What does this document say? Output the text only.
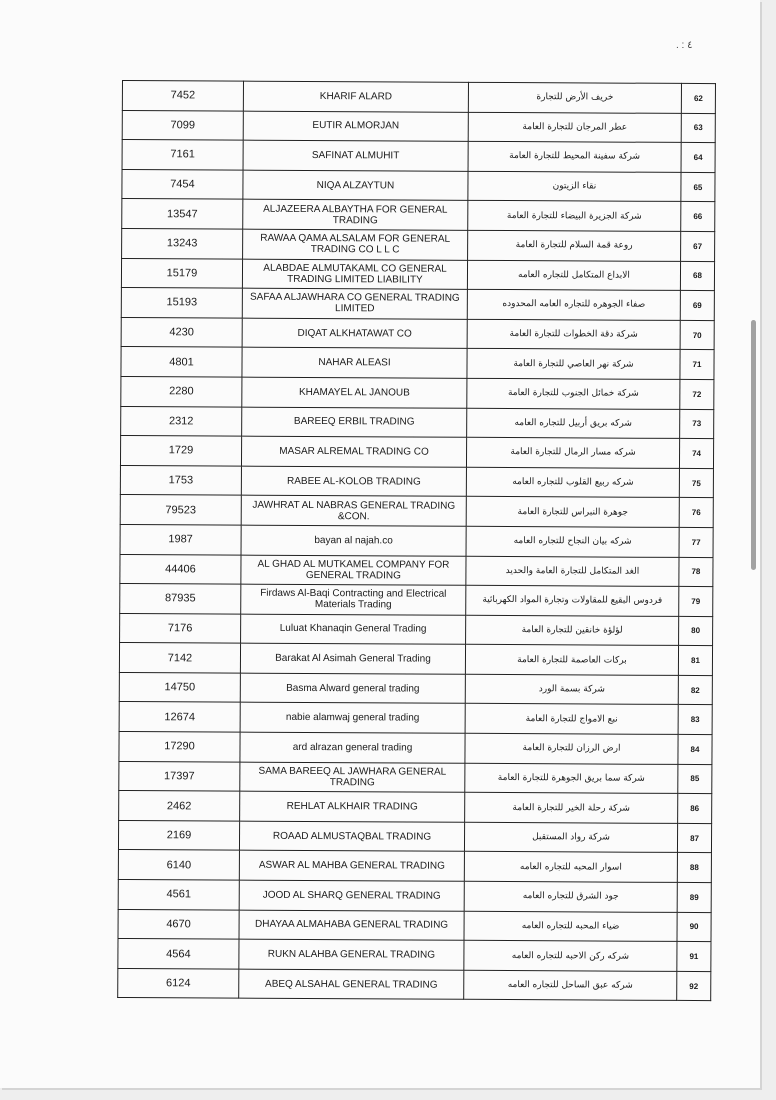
. : ٤
7452	KHARIF ALARD	خريف الأرض للتجارة	62
7099	EUTIR ALMORJAN	عطر المرجان للتجارة العامة	63
7161	SAFINAT ALMUHIT	شركة سفينة المحيط للتجارة العامة	64
7454	NIQA ALZAYTUN	نقاء الزيتون	65
13547	ALJAZEERA ALBAYTHA FOR GENERAL TRADING	شركة الجزيرة البيضاء للتجارة العامة	66
13243	RAWAA QAMA ALSALAM FOR GENERAL TRADING CO L L C	روعة قمة السلام للتجارة العامة	67
15179	ALABDAE ALMUTAKAML CO GENERAL TRADING LIMITED LIABILITY	الابداع المتكامل للتجاره العامه	68
15193	SAFAA ALJAWHARA CO GENERAL TRADING LIMITED	صفاء الجوهره للتجاره العامه المحدوده	69
4230	DIQAT ALKHATAWAT CO	شركة دقة الخطوات للتجارة العامة	70
4801	NAHAR ALEASI	شركة نهر العاصي للتجارة العامة	71
2280	KHAMAYEL AL JANOUB	شركة خمائل الجنوب للتجارة العامة	72
2312	BAREEQ ERBIL TRADING	شركه بريق أربيل للتجاره العامه	73
1729	MASAR ALREMAL TRADING CO	شركه مسار الرمال للتجارة العامة	74
1753	RABEE AL-KOLOB TRADING	شركه ربيع القلوب للتجاره العامه	75
79523	JAWHRAT AL NABRAS GENERAL TRADING &CON.	جوهرة النبراس للتجارة العامة	76
1987	bayan al najah.co	شركه بيان النجاح للتجاره العامه	77
44406	AL GHAD AL MUTKAMEL COMPANY FOR GENERAL TRADING	الغد المتكامل للتجارة العامة والحديد	78
87935	Firdaws Al-Baqi Contracting and Electrical Materials Trading	فردوس البقيع للمقاولات وتجارة المواد الكهربائية	79
7176	Luluat Khanaqin General Trading	لؤلؤة خانقين للتجارة العامة	80
7142	Barakat Al Asimah General Trading	بركات العاصمة للتجارة العامة	81
14750	Basma Alward general trading	شركة بسمة الورد	82
12674	nabie alamwaj general trading	نبع الامواج للتجارة العامة	83
17290	ard alrazan general trading	ارض الرزان للتجارة العامة	84
17397	SAMA BAREEQ AL JAWHARA GENERAL TRADING	شركة سما بريق الجوهرة للتجارة العامة	85
2462	REHLAT ALKHAIR TRADING	شركة رحلة الخير للتجارة العامة	86
2169	ROAAD ALMUSTAQBAL TRADING	شركة رواد المستقبل	87
6140	ASWAR AL MAHBA GENERAL TRADING	اسوار المحبه للتجاره العامه	88
4561	JOOD AL SHARQ GENERAL TRADING	جود الشرق للتجاره العامه	89
4670	DHAYAA ALMAHABA GENERAL TRADING	ضياء المحبه للتجاره العامه	90
4564	RUKN ALAHBA GENERAL TRADING	شركه ركن الاحبه للتجاره العامه	91
6124	ABEQ ALSAHAL GENERAL TRADING	شركه عبق الساحل للتجاره العامه	92
